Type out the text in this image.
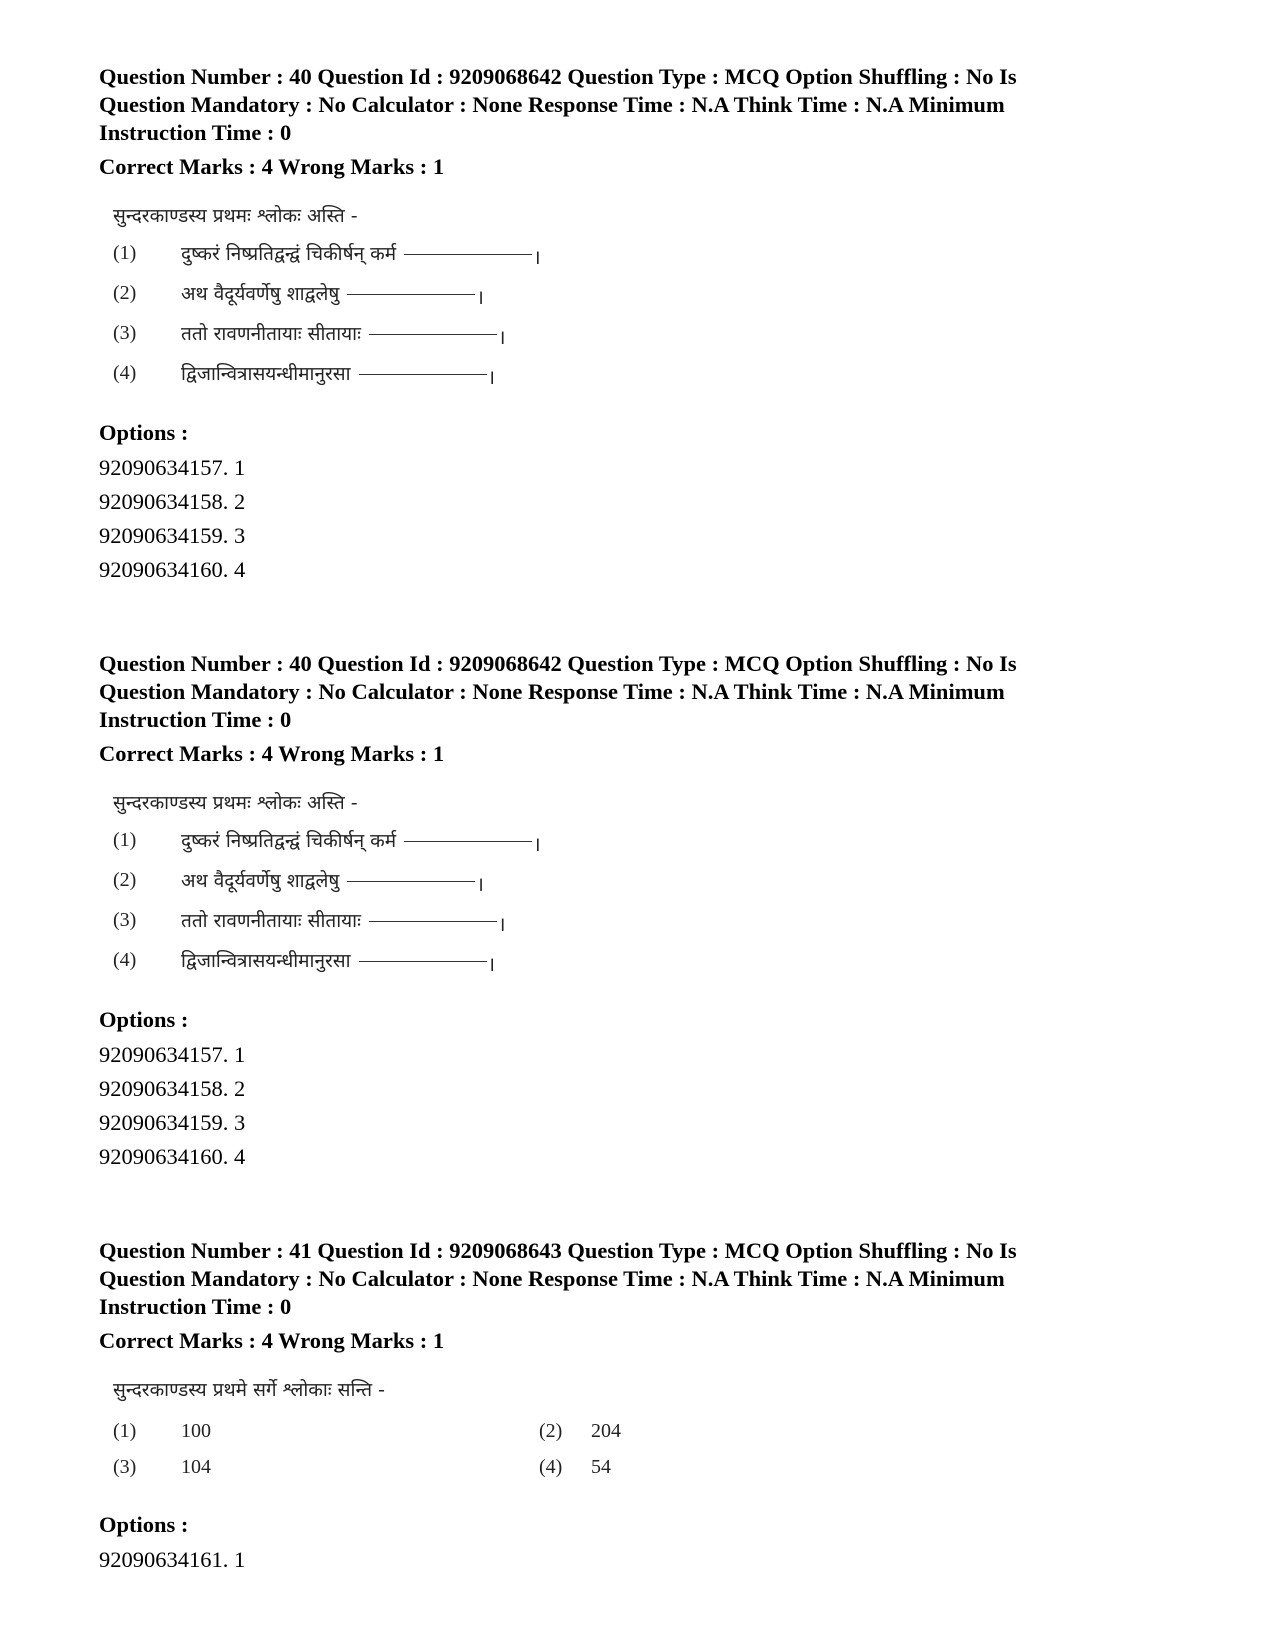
Question Number : 40 Question Id : 9209068642 Question Type : MCQ Option Shuffling : No Is

Question Mandatory : No Calculator : None Response Time : N.A Think Time : N.A Minimum

Instruction Time : 0

Correct Marks : 4 Wrong Marks : 1

सुन्दरकाण्डस्य प्रथमः श्लोकः अस्ति -
(1)	दुष्करं निष्प्रतिद्वन्द्वं चिकीर्षन् कर्म	।
(2)	अथ वैदूर्यवर्णेषु शाद्वलेषु	।
(3)	ततो रावणनीतायाः सीतायाः	।
(4)	द्विजान्वित्रासयन्धीमानुरसा	।

Options :

92090634157. 1
92090634158. 2
92090634159. 3
92090634160. 4

Question Number : 40 Question Id : 9209068642 Question Type : MCQ Option Shuffling : No Is

Question Mandatory : No Calculator : None Response Time : N.A Think Time : N.A Minimum

Instruction Time : 0

Correct Marks : 4 Wrong Marks : 1

सुन्दरकाण्डस्य प्रथमः श्लोकः अस्ति -
(1)	दुष्करं निष्प्रतिद्वन्द्वं चिकीर्षन् कर्म	।
(2)	अथ वैदूर्यवर्णेषु शाद्वलेषु	।
(3)	ततो रावणनीतायाः सीतायाः	।
(4)	द्विजान्वित्रासयन्धीमानुरसा	।

Options :

92090634157. 1
92090634158. 2
92090634159. 3
92090634160. 4

Question Number : 41 Question Id : 9209068643 Question Type : MCQ Option Shuffling : No Is

Question Mandatory : No Calculator : None Response Time : N.A Think Time : N.A Minimum

Instruction Time : 0

Correct Marks : 4 Wrong Marks : 1

सुन्दरकाण्डस्य प्रथमे सर्गे श्लोकाः सन्ति -
(1)	100	(2)	204
(3)	104	(4)	54

Options :

92090634161. 1
